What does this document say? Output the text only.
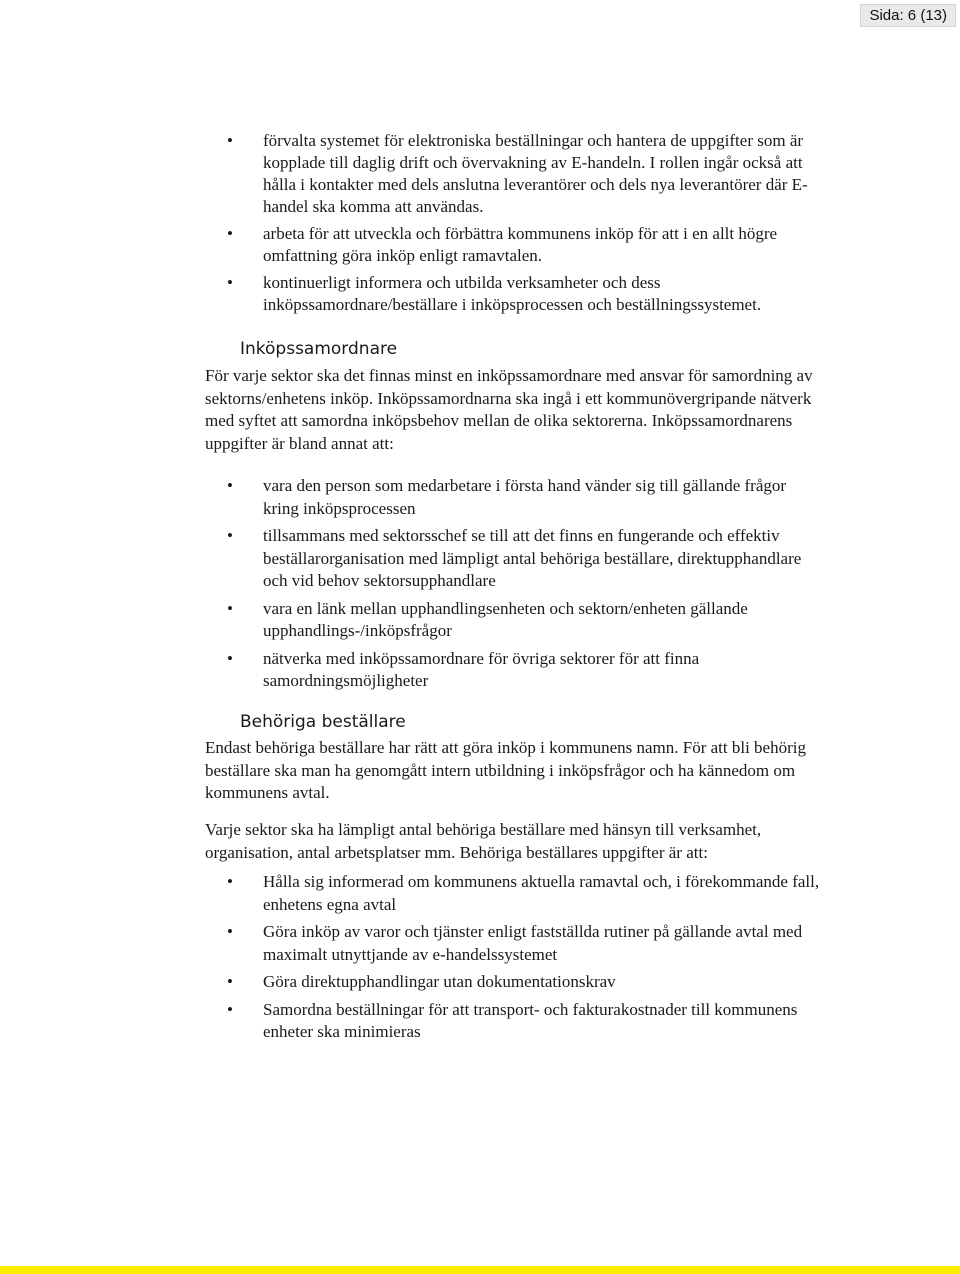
Sida: 6 (13)
• förvalta systemet för elektroniska beställningar och hantera de uppgifter som är kopplade till daglig drift och övervakning av E-handeln. I rollen ingår också att hålla i kontakter med dels anslutna leverantörer och dels nya leverantörer där E-handel ska komma att användas.
• arbeta för att utveckla och förbättra kommunens inköp för att i en allt högre omfattning göra inköp enligt ramavtalen.
• kontinuerligt informera och utbilda verksamheter och dess inköpssamordnare/beställare i inköpsprocessen och beställningssystemet.
Inköpssamordnare

För varje sektor ska det finnas minst en inköpssamordnare med ansvar för samordning av sektorns/enhetens inköp. Inköpssamordnarna ska ingå i ett kommunövergripande nätverk med syftet att samordna inköpsbehov mellan de olika sektorerna. Inköpssamordnarens uppgifter är bland annat att:

• vara den person som medarbetare i första hand vänder sig till gällande frågor kring inköpsprocessen
• tillsammans med sektorsschef se till att det finns en fungerande och effektiv beställarorganisation med lämpligt antal behöriga beställare, direktupphandlare och vid behov sektorsupphandlare
• vara en länk mellan upphandlingsenheten och sektorn/enheten gällande upphandlings-/inköpsfrågor
• nätverka med inköpssamordnare för övriga sektorer för att finna samordningsmöjligheter
Behöriga beställare

Endast behöriga beställare har rätt att göra inköp i kommunens namn. För att bli behörig beställare ska man ha genomgått intern utbildning i inköpsfrågor och ha kännedom om kommunens avtal.

Varje sektor ska ha lämpligt antal behöriga beställare med hänsyn till verksamhet, organisation, antal arbetsplatser mm. Behöriga beställares uppgifter är att:

• Hålla sig informerad om kommunens aktuella ramavtal och, i förekommande fall, enhetens egna avtal
• Göra inköp av varor och tjänster enligt fastställda rutiner på gällande avtal med maximalt utnyttjande av e-handelssystemet
• Göra direktupphandlingar utan dokumentationskrav
• Samordna beställningar för att transport- och fakturakostnader till kommunens enheter ska minimieras
